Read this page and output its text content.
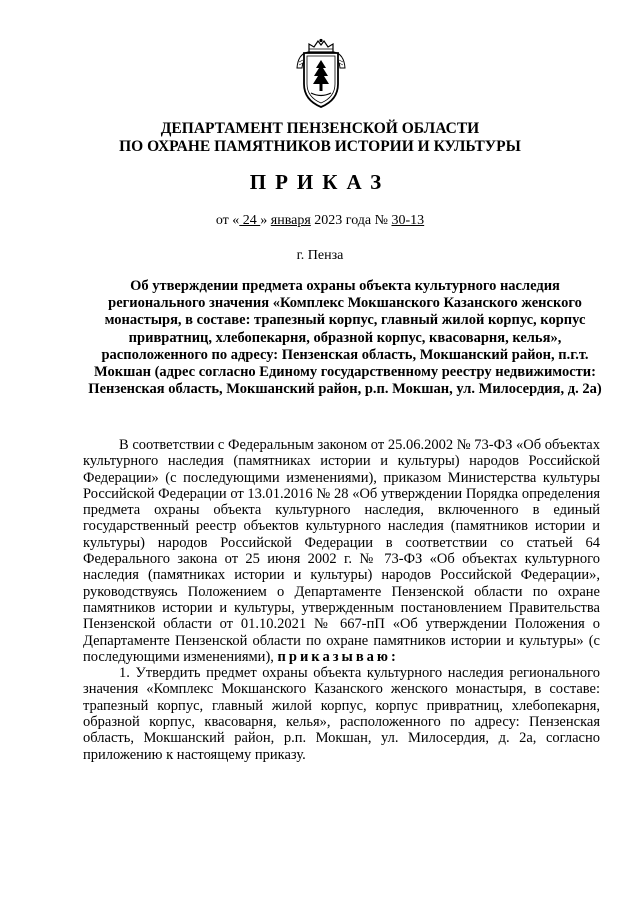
ДЕПАРТАМЕНТ ПЕНЗЕНСКОЙ ОБЛАСТИ
ПО ОХРАНЕ ПАМЯТНИКОВ ИСТОРИИ И КУЛЬТУРЫ
ПРИКАЗ
от « 24 » января 2023 года № 30-13
г. Пенза
Об утверждении предмета охраны объекта культурного наследия регионального значения «Комплекс Мокшанского Казанского женского монастыря, в составе: трапезный корпус, главный жилой корпус, корпус привратниц, хлебопекарня, образной корпус, квасоварня, келья», расположенного по адресу: Пензенская область, Мокшанский район, п.г.т. Мокшан (адрес согласно Единому государственному реестру недвижимости: Пензенская область, Мокшанский район, р.п. Мокшан, ул. Милосердия, д. 2а)

В соответствии с Федеральным законом от 25.06.2002 № 73-ФЗ «Об объектах культурного наследия (памятниках истории и культуры) народов Российской Федерации» (с последующими изменениями), приказом Министерства культуры Российской Федерации от 13.01.2016 № 28 «Об утверждении Порядка определения предмета охраны объекта культурного наследия, включенного в единый государственный реестр объектов культурного наследия (памятников истории и культуры) народов Российской Федерации в соответствии со статьей 64 Федерального закона от 25 июня 2002 г. № 73-ФЗ «Об объектах культурного наследия (памятниках истории и культуры) народов Российской Федерации», руководствуясь Положением о Департаменте Пензенской области по охране памятников истории и культуры, утвержденным постановлением Правительства Пензенской области от 01.10.2021 № 667-пП «Об утверждении Положения о Департаменте Пензенской области по охране памятников истории и культуры» (с последующими изменениями), приказываю:

1. Утвердить предмет охраны объекта культурного наследия регионального значения «Комплекс Мокшанского Казанского женского монастыря, в составе: трапезный корпус, главный жилой корпус, корпус привратниц, хлебопекарня, образной корпус, квасоварня, келья», расположенного по адресу: Пензенская область, Мокшанский район, р.п. Мокшан, ул. Милосердия, д. 2а, согласно приложению к настоящему приказу.
